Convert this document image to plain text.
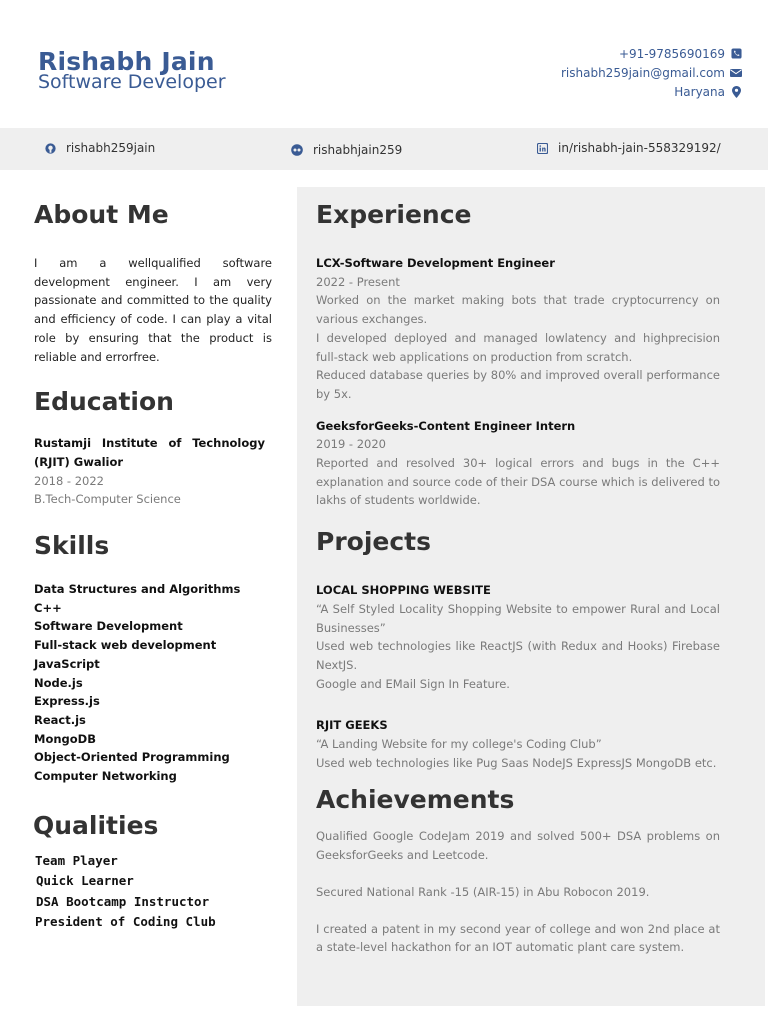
Rishabh Jain
Software Developer
+91-9785690169
rishabh259jain@gmail.com
Haryana
rishabh259jain	rishabhjain259	in/rishabh-jain-558329192/
About Me
I am a wellqualified software development engineer. I am very passionate and committed to the quality and efficiency of code. I can play a vital role by ensuring that the product is reliable and errorfree.
Education
Rustamji Institute of Technology (RJIT) Gwalior
2018 - 2022
B.Tech-Computer Science
Skills
Data Structures and Algorithms
C++
Software Development
Full-stack web development
JavaScript
Node.js
Express.js
React.js
MongoDB
Object-Oriented Programming
Computer Networking
Qualities
Team Player
Quick Learner
DSA Bootcamp Instructor
President of Coding Club
Experience
LCX-Software Development Engineer
2022 - Present
Worked on the market making bots that trade cryptocurrency on various exchanges.
I developed deployed and managed lowlatency and highprecision full-stack web applications on production from scratch.
Reduced database queries by 80% and improved overall performance by 5x.
GeeksforGeeks-Content Engineer Intern
2019 - 2020
Reported and resolved 30+ logical errors and bugs in the C++ explanation and source code of their DSA course which is delivered to lakhs of students worldwide.
Projects
LOCAL SHOPPING WEBSITE
“A Self Styled Locality Shopping Website to empower Rural and Local Businesses”
Used web technologies like ReactJS (with Redux and Hooks) Firebase NextJS.
Google and EMail Sign In Feature.
RJIT GEEKS
“A Landing Website for my college's Coding Club”
Used web technologies like Pug Saas NodeJS ExpressJS MongoDB etc.
Achievements
Qualified Google CodeJam 2019 and solved 500+ DSA problems on GeeksforGeeks and Leetcode.
Secured National Rank -15 (AIR-15) in Abu Robocon 2019.
I created a patent in my second year of college and won 2nd place at a state-level hackathon for an IOT automatic plant care system.
